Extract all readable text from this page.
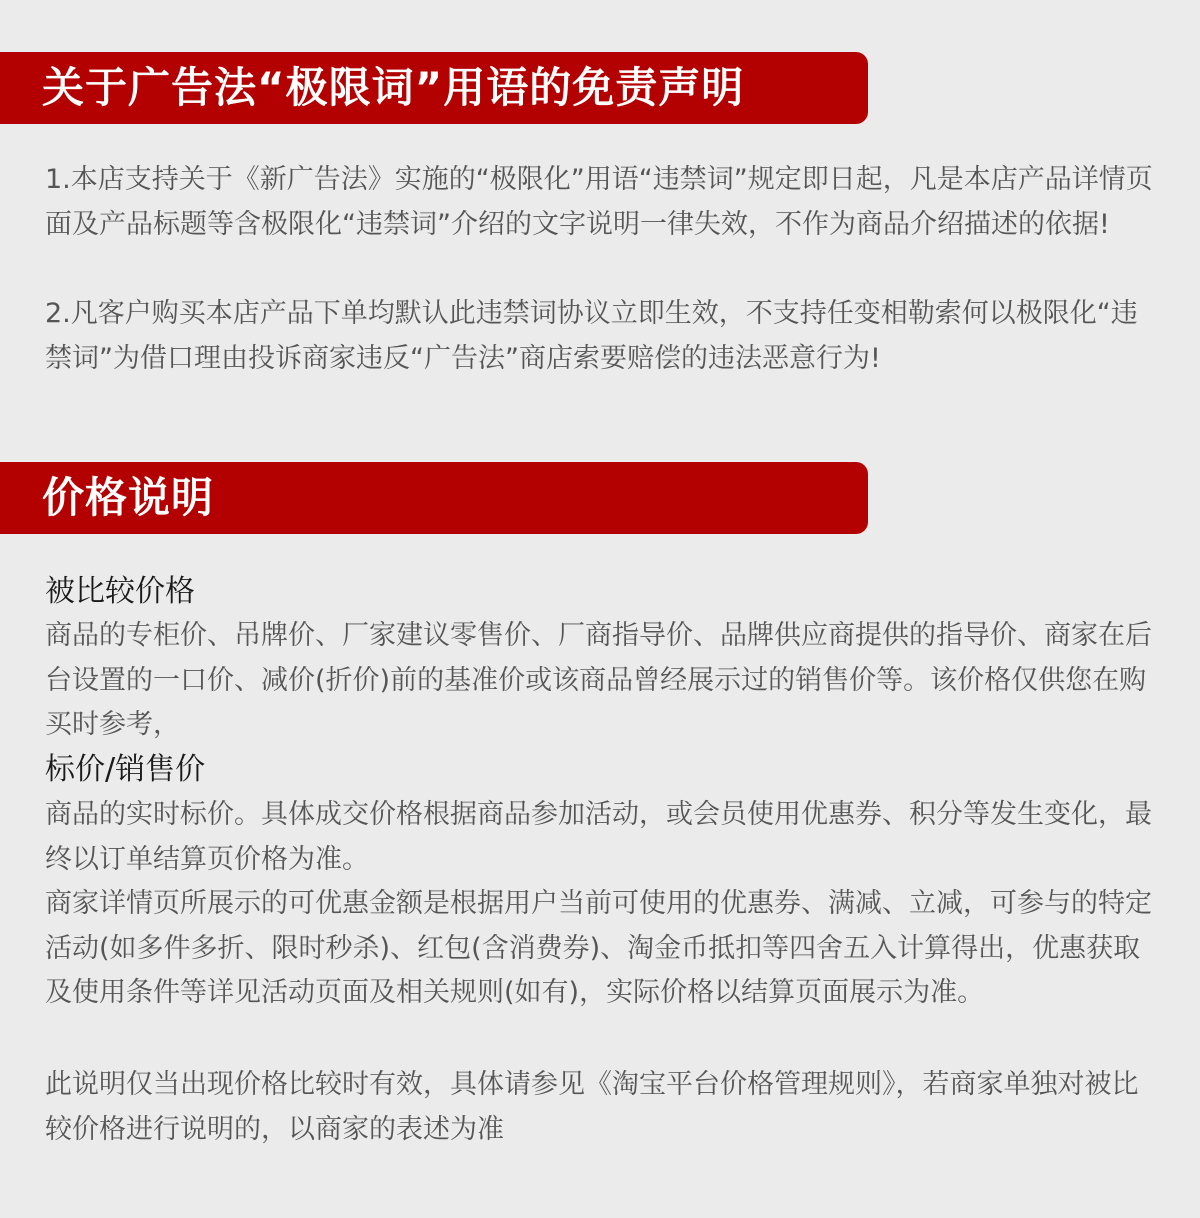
关于广告法“极限词”用语的免责声明

1.本店支持关于《新广告法》实施的“极限化”用语“违禁词”规定即日起，凡是本店产品详情页面及产品标题等含极限化“违禁词”介绍的文字说明一律失效，不作为商品介绍描述的依据!

2.凡客户购买本店产品下单均默认此违禁词协议立即生效，不支持任变相勒索何以极限化“违禁词”为借口理由投诉商家违反“广告法”商店索要赔偿的违法恶意行为!

价格说明

被比较价格

商品的专柜价、吊牌价、厂家建议零售价、厂商指导价、品牌供应商提供的指导价、商家在后台设置的一口价、减价(折价)前的基准价或该商品曾经展示过的销售价等。该价格仅供您在购买时参考，

标价/销售价

商品的实时标价。具体成交价格根据商品参加活动，或会员使用优惠券、积分等发生变化，最终以订单结算页价格为准。

商家详情页所展示的可优惠金额是根据用户当前可使用的优惠券、满减、立减，可参与的特定活动(如多件多折、限时秒杀)、红包(含消费券)、淘金币抵扣等四舍五入计算得出，优惠获取及使用条件等详见活动页面及相关规则(如有)，实际价格以结算页面展示为准。

此说明仅当出现价格比较时有效，具体请参见《淘宝平台价格管理规则》，若商家单独对被比较价格进行说明的，以商家的表述为准
